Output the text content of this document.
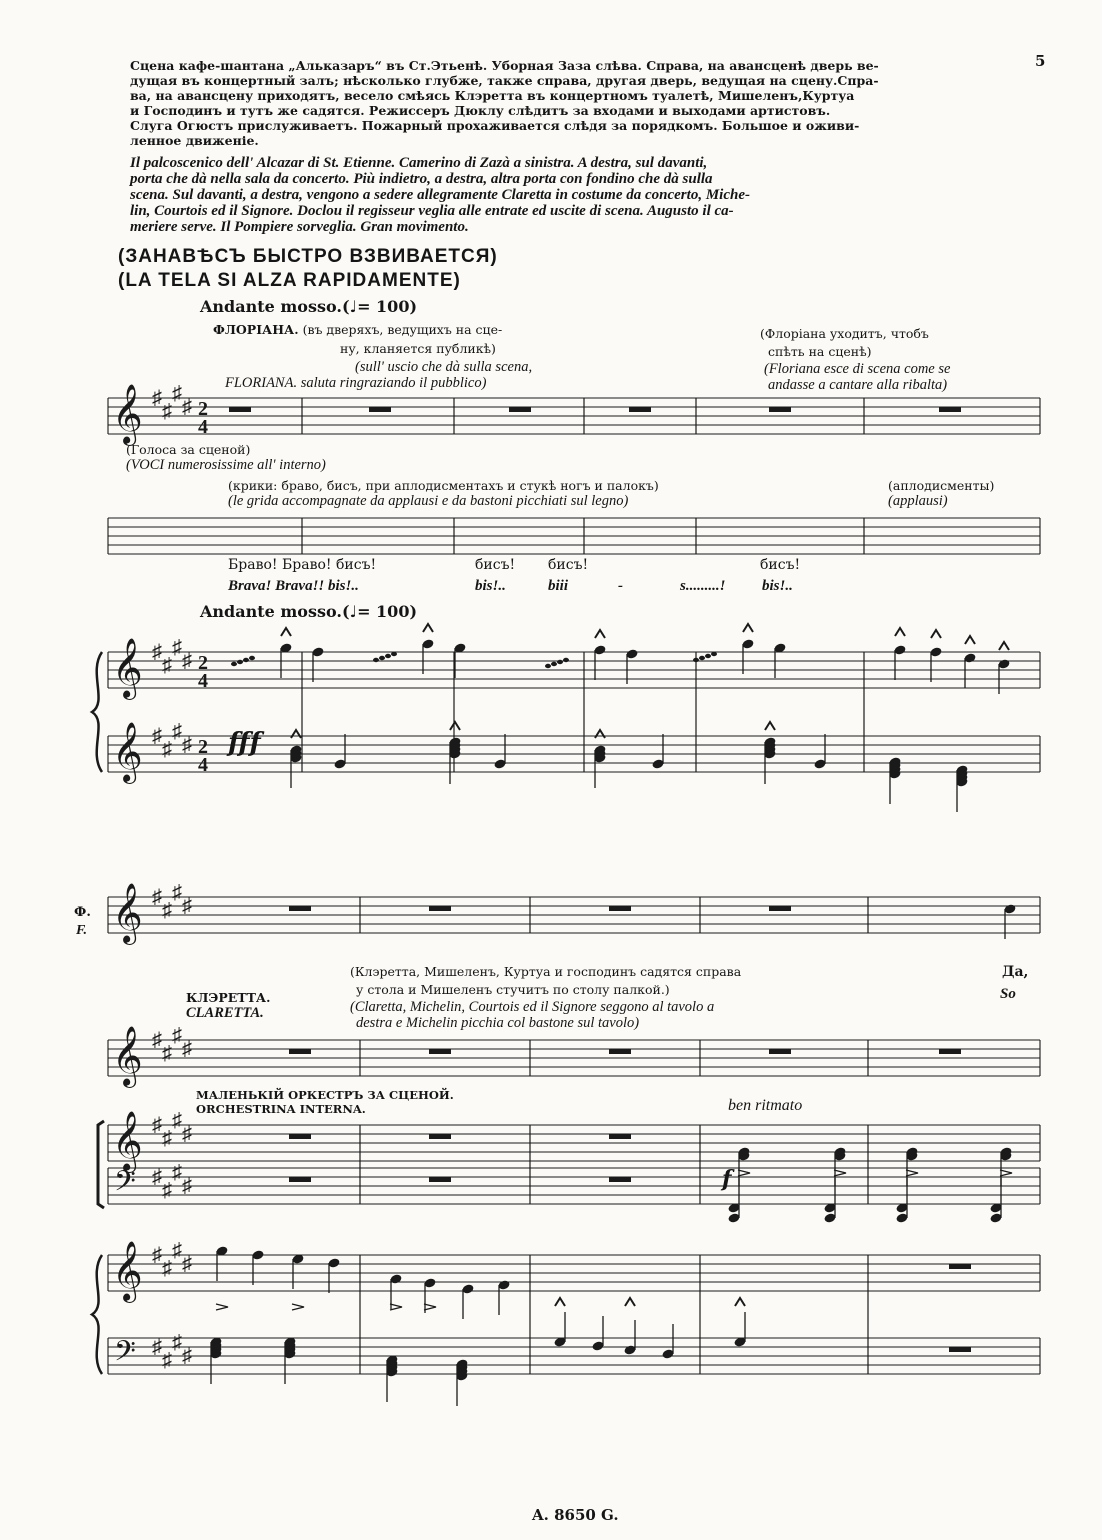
5
Сцена кафе-шантана „Альказаръ“ въ Ст.Этьенѣ. Уборная Заза слѣва. Справа, на авансценѣ дверь ве-
дущая въ концертный залъ; нѣсколько глубже, также справа, другая дверь, ведущая на сцену.Спра-
ва, на авансцену приходятъ, весело смѣясь Клэретта въ концертномъ туалетѣ, Мишеленъ,Куртуа
и Господинъ и тутъ же садятся. Режиссеръ Дюклу слѣдитъ за входами и выходами артистовъ.
Слуга Огюстъ прислуживаетъ. Пожарный прохаживается слѣдя за порядкомъ. Большое и оживи-
ленное движеніе.
Il palcoscenico dell' Alcazar di St. Etienne. Camerino di Zazà a sinistra. A destra, sul davanti,
porta che dà nella sala da concerto. Più indietro, a destra, altra porta con fondino che dà sulla
scena. Sul davanti, a destra, vengono a sedere allegramente Claretta in costume da concerto, Miche-
lin, Courtois ed il Signore. Doclou il regisseur veglia alle entrate ed uscite di scena. Augusto il ca-
meriere serve. Il Pompiere sorveglia. Gran movimento.
(ЗАНАВѢСЪ БЫСТРО ВЗВИВАЕТСЯ)
(LA TELA SI ALZA RAPIDAMENTE)
Andante mosso.(♩= 100)
ФЛОРІАНА. (въ дверяхъ, ведущихъ на сце-
ну, кланяется публикѣ)
(sull' uscio che dà sulla scena,
FLORIANA. saluta ringraziando il pubblico)
(Флоріана уходитъ, чтобъ
спѣть на сценѣ)
(Floriana esce di scena come se
andasse a cantare alla ribalta)
(Голоса за сценой)
(VOCI numerosissime all' interno)
(крики: браво, бисъ, при аплодисментахъ и стукѣ ногъ и палокъ)
(le grida accompagnate da applausi e da bastoni picchiati sul legno)
(аплодисменты)
(applausi)
Браво! Браво! бисъ!	бисъ! бисъ!	бисъ!
Brava! Brava!! bis!..	bis!..	biii	-	s.........! bis!..
Andante mosso.(♩= 100)
fff
Ф.
F.
(Клэретта, Мишеленъ, Куртуа и господинъ садятся справа
у стола и Мишеленъ стучитъ по столу палкой.)
(Claretta, Michelin, Courtois ed il Signore seggono al tavolo a
destra e Michelin picchia col bastone sul tavolo)
КЛЭРЕТТА.
CLARETTA.
Да,
So
МАЛЕНЬКІЙ ОРКЕСТРЪ ЗА СЦЕНОЙ.
ORCHESTRINA INTERNA.	ben ritmato
f
A. 8650 G.
𝄞 ♯
♯
♯
♯ 2
4
𝄞 ♯
♯
♯
♯ 2
4
𝄞 ♯
♯
♯
♯ 2
4
𝄞 ♯
♯
♯
♯
𝄞 ♯
♯
♯
♯
𝄞 ♯
♯
♯
♯
𝄢 ♯
♯
♯
♯
𝄞 ♯
♯
♯
♯
𝄢 ♯
♯
♯
♯
